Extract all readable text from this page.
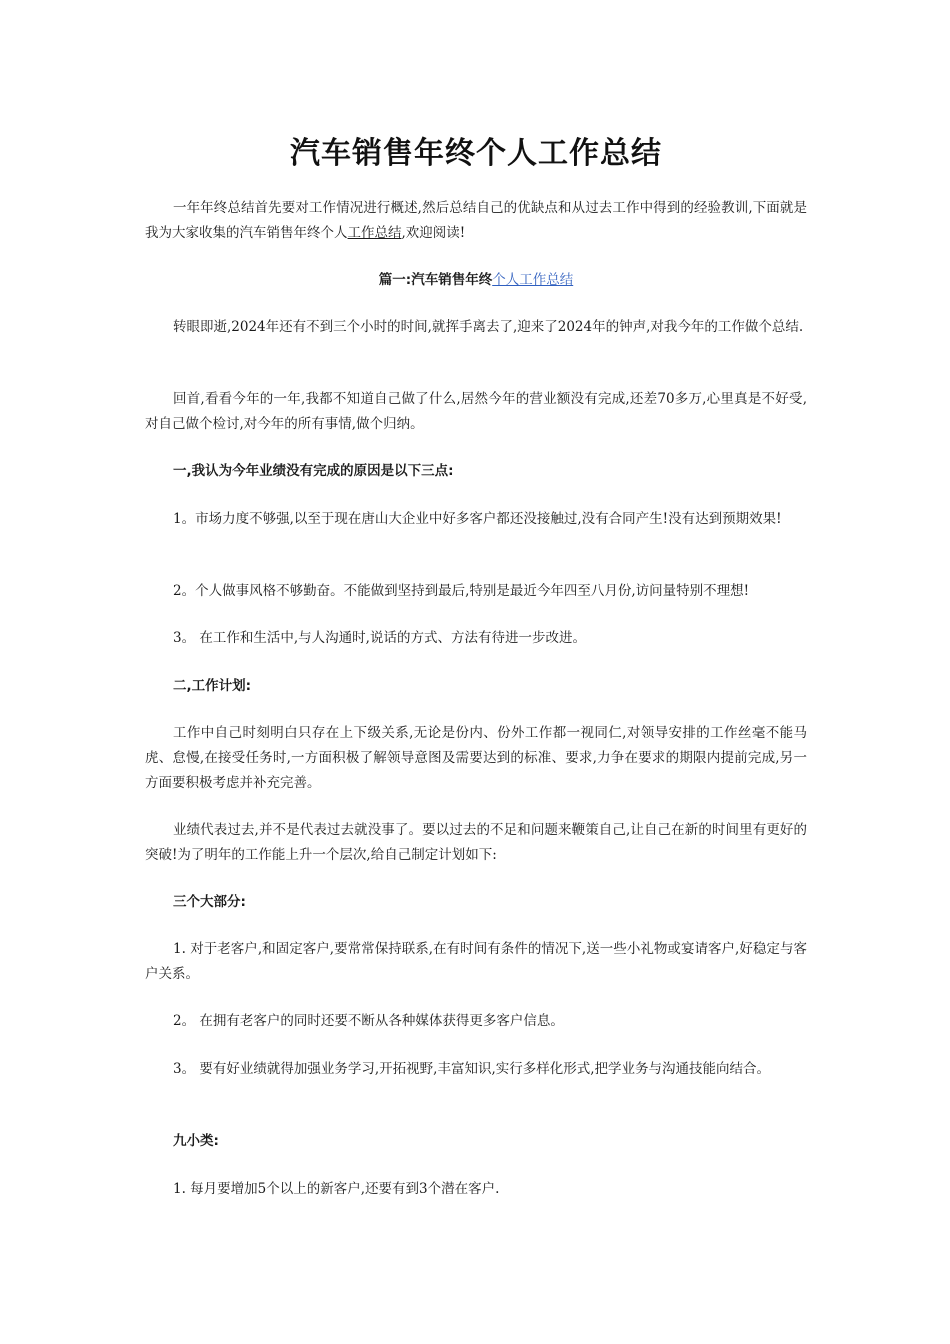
汽车销售年终个人工作总结
一年年终总结首先要对工作情况进行概述,然后总结自己的优缺点和从过去工作中得到的经验教训,下面就是我为大家收集的汽车销售年终个人工作总结,欢迎阅读!
篇一:汽车销售年终个人工作总结
转眼即逝,2024年还有不到三个小时的时间,就挥手离去了,迎来了2024年的钟声,对我今年的工作做个总结.
回首,看看今年的一年,我都不知道自己做了什么,居然今年的营业额没有完成,还差70多万,心里真是不好受,对自己做个检讨,对今年的所有事情,做个归纳。
一,我认为今年业绩没有完成的原因是以下三点:
1。市场力度不够强,以至于现在唐山大企业中好多客户都还没接触过,没有合同产生!没有达到预期效果!
2。个人做事风格不够勤奋。不能做到坚持到最后,特别是最近今年四至八月份,访问量特别不理想!
3。 在工作和生活中,与人沟通时,说话的方式、方法有待进一步改进。
二,工作计划:
工作中自己时刻明白只存在上下级关系,无论是份内、份外工作都一视同仁,对领导安排的工作丝毫不能马虎、怠慢,在接受任务时,一方面积极了解领导意图及需要达到的标准、要求,力争在要求的期限内提前完成,另一方面要积极考虑并补充完善。
业绩代表过去,并不是代表过去就没事了。要以过去的不足和问题来鞭策自己,让自己在新的时间里有更好的突破!为了明年的工作能上升一个层次,给自己制定计划如下:
三个大部分:
1. 对于老客户,和固定客户,要常常保持联系,在有时间有条件的情况下,送一些小礼物或宴请客户,好稳定与客户关系。
2。 在拥有老客户的同时还要不断从各种媒体获得更多客户信息。
3。 要有好业绩就得加强业务学习,开拓视野,丰富知识,实行多样化形式,把学业务与沟通技能向结合。
九小类:
1. 每月要增加5个以上的新客户,还要有到3个潜在客户.
